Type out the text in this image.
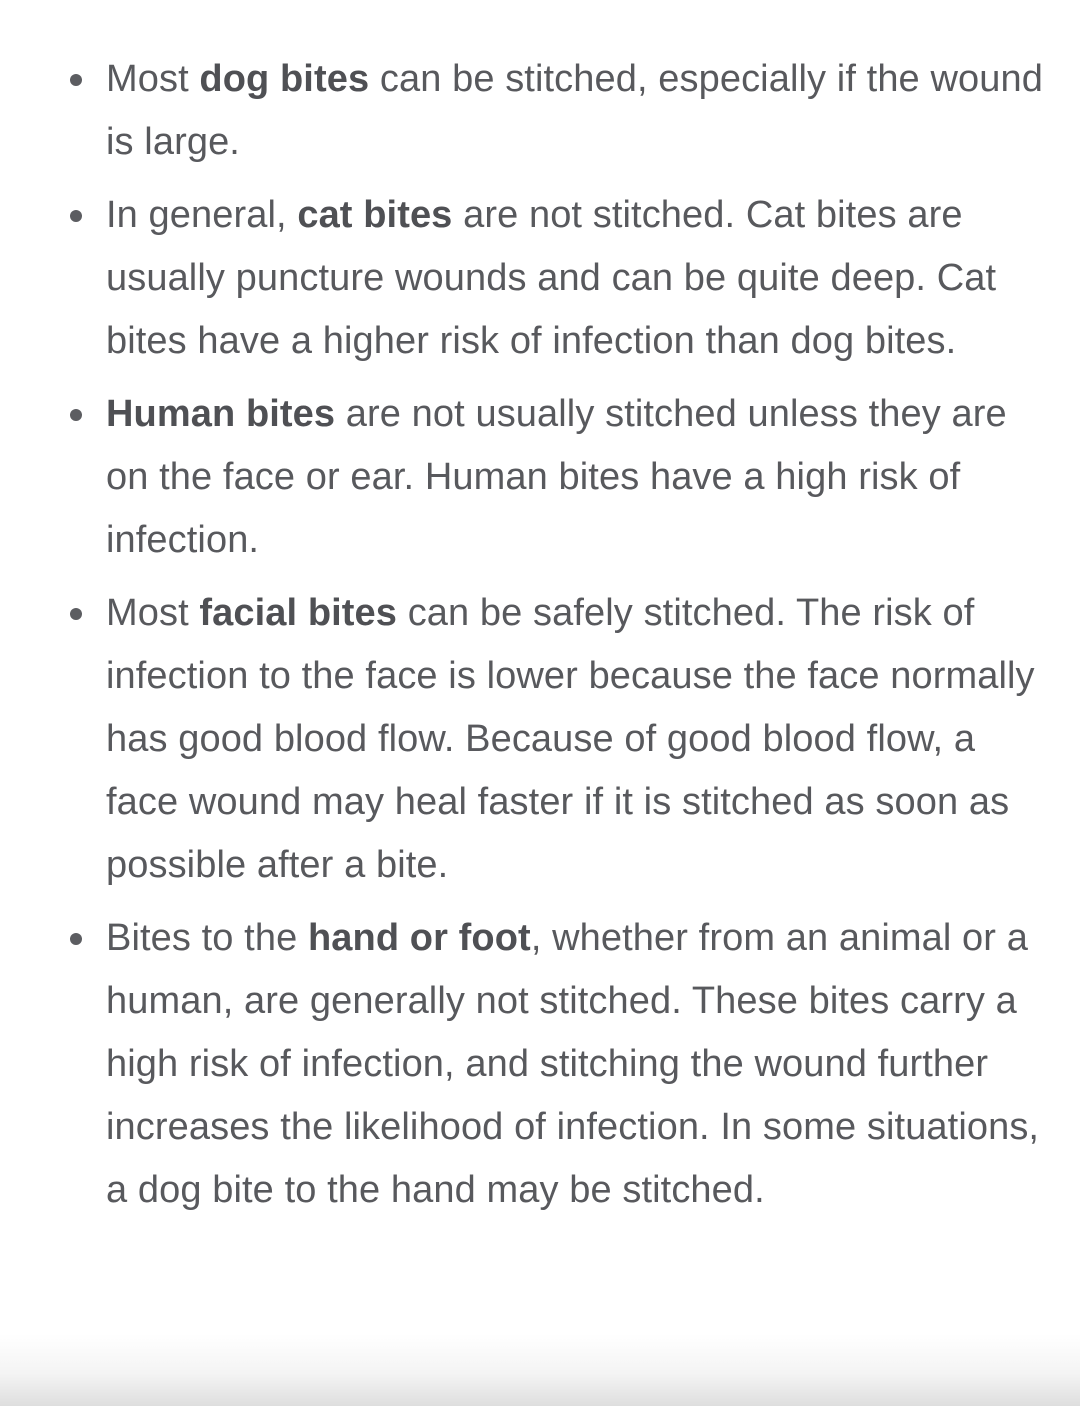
Most dog bites can be stitched, especially if the wound is large.
In general, cat bites are not stitched. Cat bites are usually puncture wounds and can be quite deep. Cat bites have a higher risk of infection than dog bites.
Human bites are not usually stitched unless they are on the face or ear. Human bites have a high risk of infection.
Most facial bites can be safely stitched. The risk of infection to the face is lower because the face normally has good blood flow. Because of good blood flow, a face wound may heal faster if it is stitched as soon as possible after a bite.
Bites to the hand or foot, whether from an animal or a human, are generally not stitched. These bites carry a high risk of infection, and stitching the wound further increases the likelihood of infection. In some situations, a dog bite to the hand may be stitched.
